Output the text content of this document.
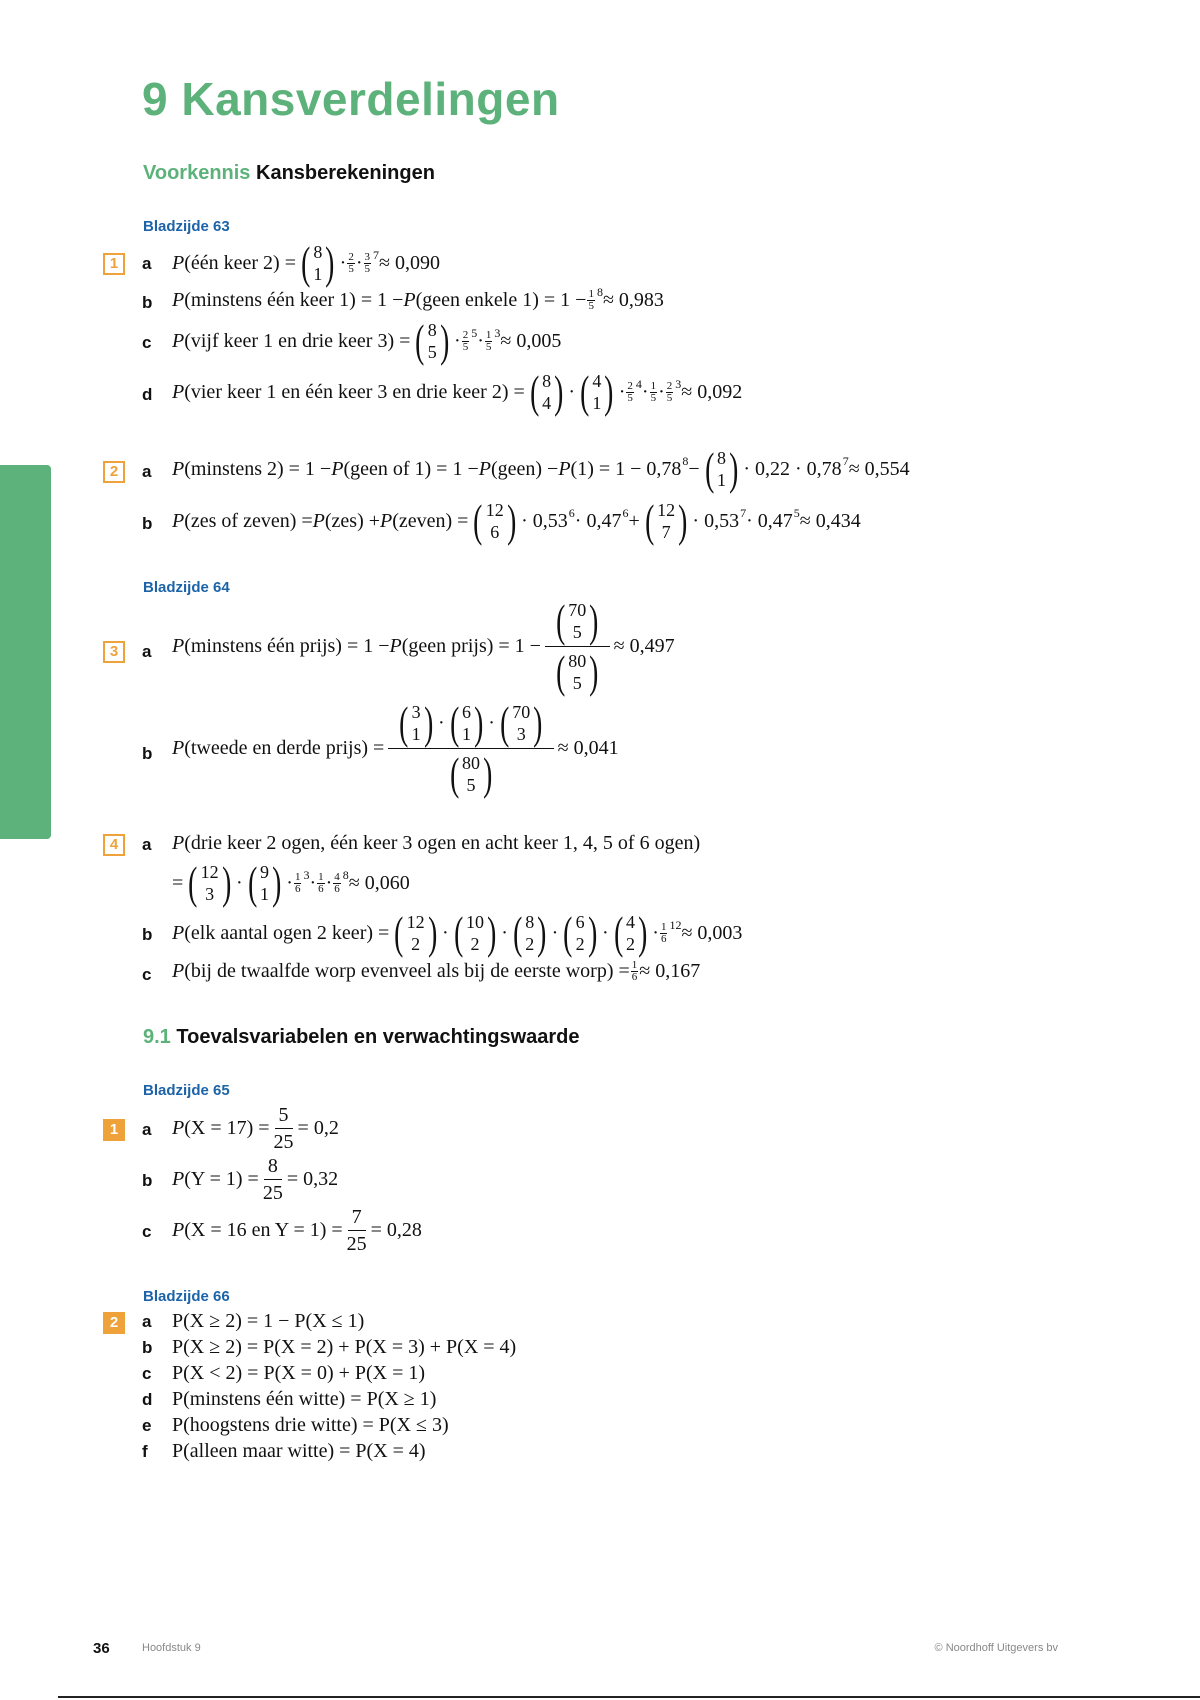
9 Kansverdelingen
Voorkennis Kansberekeningen
Bladzijde 63
1	a P (één keer 2) = ( 8
1 ) · 2
5 · 3
5
$^7$ ≈ 0,090
b P (minstens één keer 1) = 1 − P (geen enkele 1) = 1 − 1
5
$^8$ ≈ 0,983
c P (vijf keer 1 en drie keer 3) = ( 8
5 ) · 2
5
$^5$ · 1
5
$^3$ ≈ 0,005
d P (vier keer 1 en één keer 3 en drie keer 2) = ( 8
4 ) · ( 4
1 ) · 2
5
$^4$ · 1
5 · 2
5
$^3$ ≈ 0,092
2	a P (minstens 2) = 1 − P (geen of 1) = 1 − P (geen) − P $(1) = 1 - 0,78^8$ − ( 8
1 ) · $0,22 \cdot 0,78^7 \approx 0,554$
b P (zes of zeven) = P (zes) + P (zeven) = ( 12
6 ) · $0,53^6 \cdot 0,47^6$ + ( 12
7 ) · $0,53^7 \cdot 0,47^5 \approx 0,434$
Bladzijde 64
3	a P (minstens één prijs) = 1 − P (geen prijs) = 1 − ( 70
5 )
( 80
5 ) ≈ 0,497
b P (tweede en derde prijs) = ( 3
1 ) · ( 6
1 ) · ( 70
3 )
( 80
5 ) ≈ 0,041
4	a P (drie keer 2 ogen, één keer 3 ogen en acht keer 1, 4, 5 of 6 ogen)
= ( 12
3 ) · ( 9
1 ) · 1
6
$^3$ · 1
6 · 4
6
$^8$ ≈ 0,060
b P (elk aantal ogen 2 keer) = ( 12
2 ) · ( 10
2 ) · ( 8
2 ) · ( 6
2 ) · ( 4
2 ) · 1
6
$^{12}$ ≈ 0,003
c P (bij de twaalfde worp evenveel als bij de eerste worp) = $\frac{1}{6} \approx 0,167$
9.1 Toevalsvariabelen en verwachtingswaarde
Bladzijde 65
1	a P $(X = 17) = \frac{5}{25} = 0,2$
b P $(Y = 1) = \frac{8}{25} = 0,32$
c P (X = 16 en $Y = 1) = \frac{7}{25} = 0,28$
Bladzijde 66
2	a P(X ≥ 2) = 1 − P(X ≤ 1)
b P(X ≥ 2) = P(X = 2) + P(X = 3) + P(X = 4)
c P(X < 2) = P(X = 0) + P(X = 1)
d P(minstens één witte) = P(X ≥ 1)
e P(hoogstens drie witte) = P(X ≤ 3)
f P(alleen maar witte) = P(X = 4)
36	Hoofdstuk 9	© Noordhoff Uitgevers bv
